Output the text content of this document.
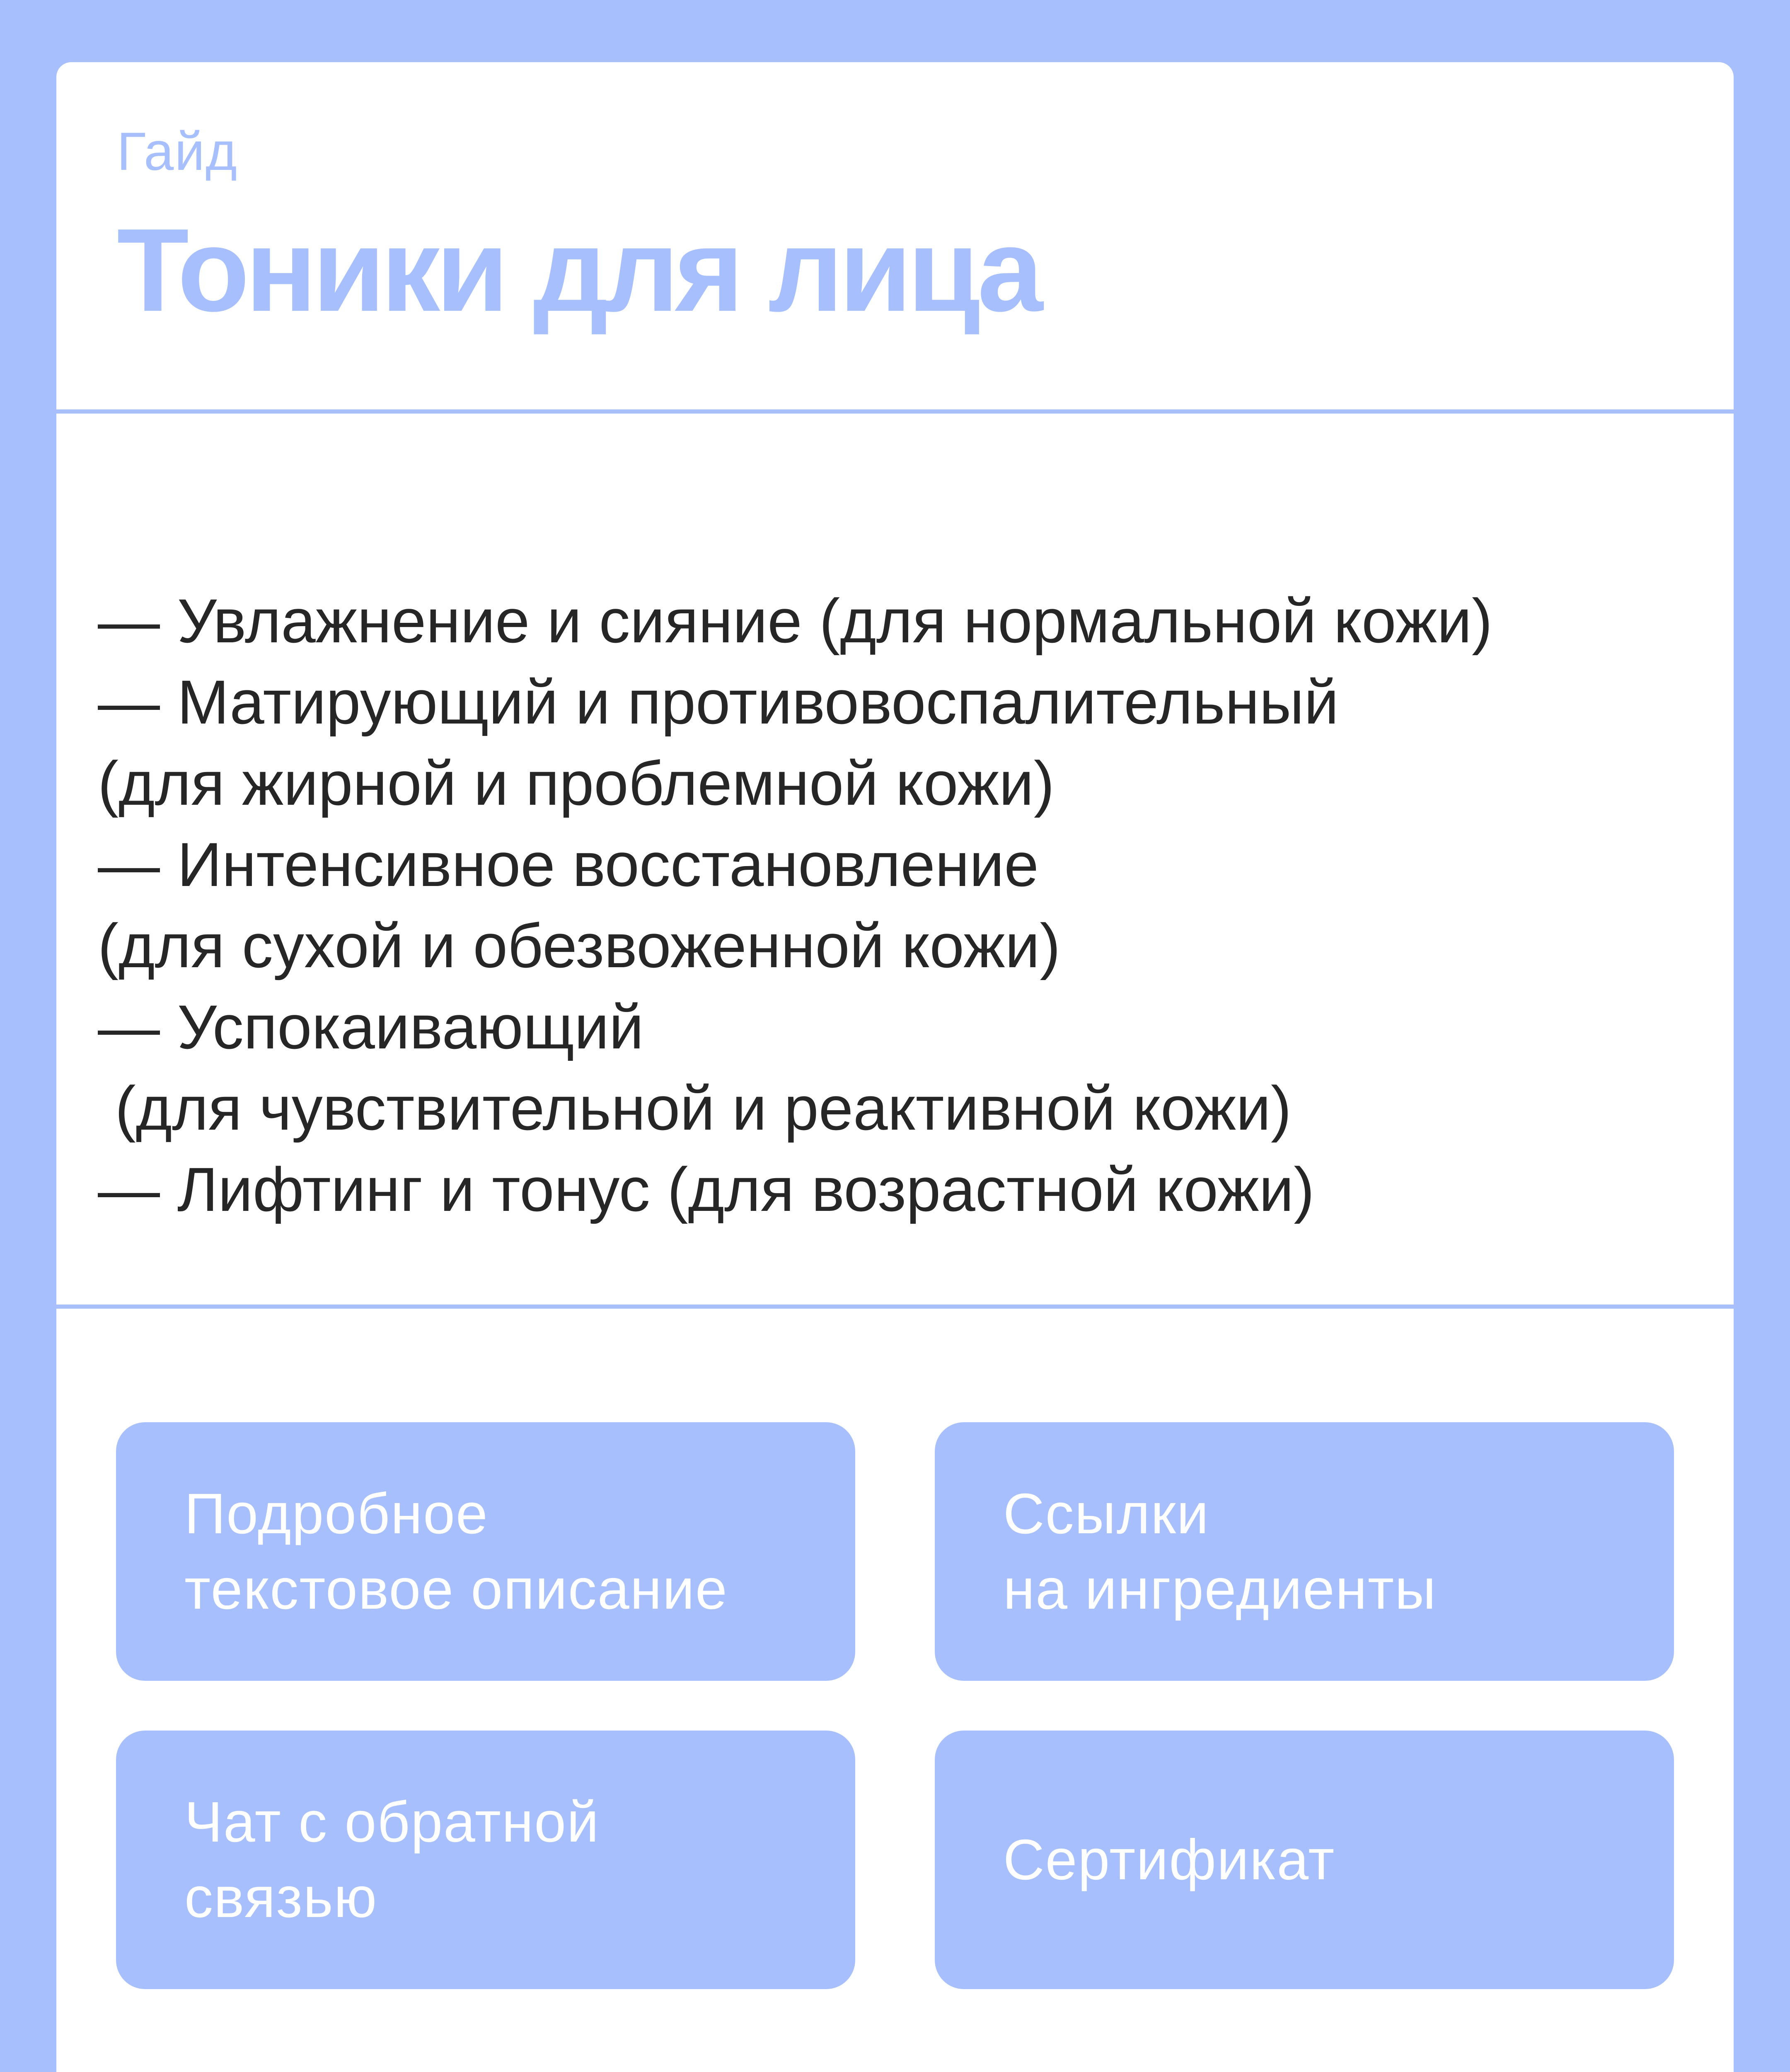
Гайд
Тоники для лица
— Увлажнение и сияние (для нормальной кожи)
— Матирующий и противовоспалительный
(для жирной и проблемной кожи)
— Интенсивное восстановление
(для сухой и обезвоженной кожи)
— Успокаивающий
(для чувствительной и реактивной кожи)
— Лифтинг и тонус (для возрастной кожи)
Подробное
текстовое описание
Ссылки
на ингредиенты
Чат с обратной
связью
Сертификат
